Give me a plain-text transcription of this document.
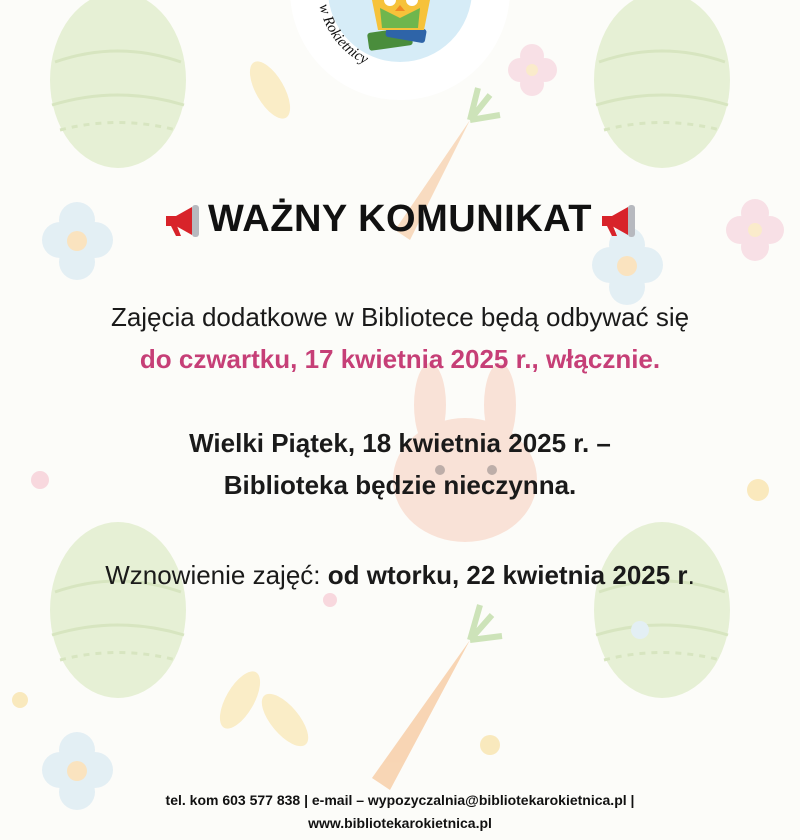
w Rokietnicy
WAŻNY KOMUNIKAT
Zajęcia dodatkowe w Bibliotece będą odbywać się
do czwartku, 17 kwietnia 2025 r., włącznie.
Wielki Piątek, 18 kwietnia 2025 r. –
Biblioteka będzie nieczynna.
Wznowienie zajęć: od wtorku, 22 kwietnia 2025 r.
tel. kom 603 577 838 | e-mail – wypozyczalnia@bibliotekarokietnica.pl |
www.bibliotekarokietnica.pl
